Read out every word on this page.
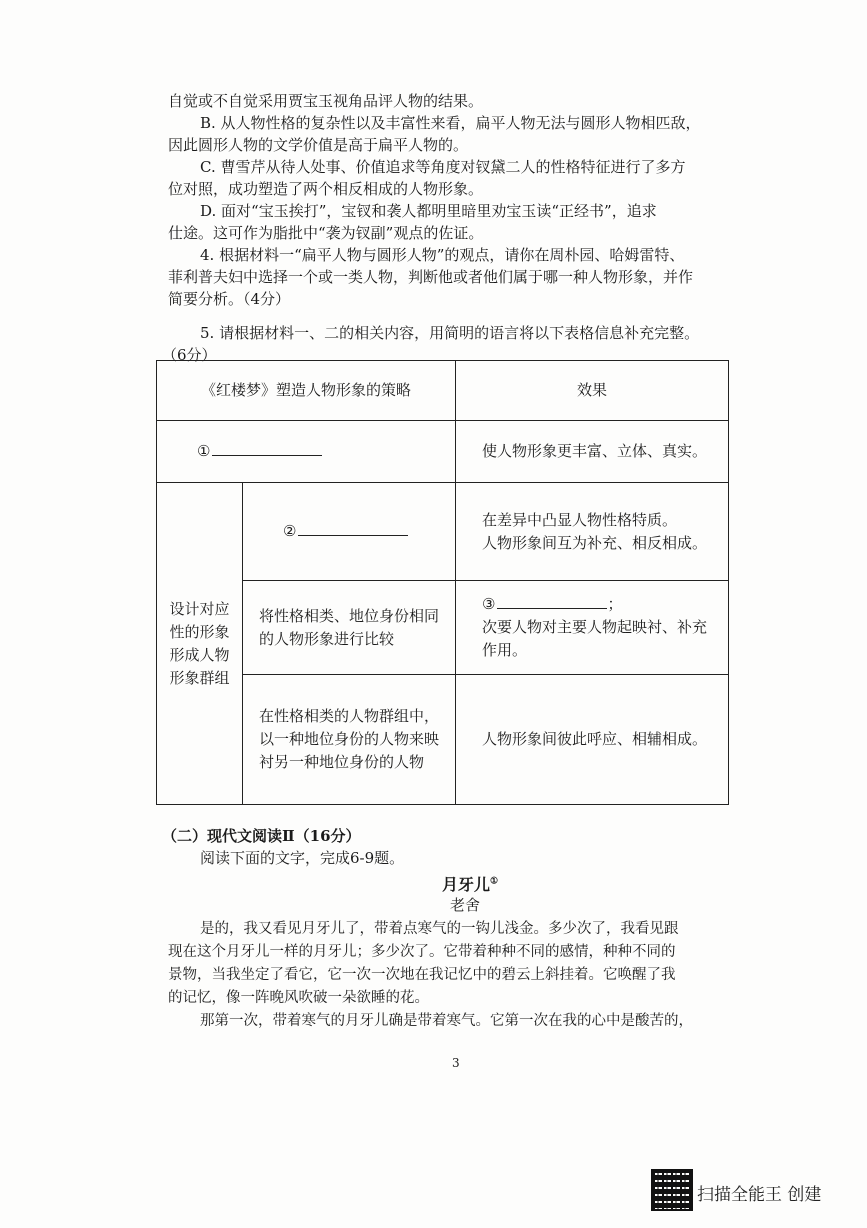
自觉或不自觉采用贾宝玉视角品评人物的结果。
B. 从人物性格的复杂性以及丰富性来看，扁平人物无法与圆形人物相匹敌，
因此圆形人物的文学价值是高于扁平人物的。
C. 曹雪芹从待人处事、价值追求等角度对钗黛二人的性格特征进行了多方
位对照，成功塑造了两个相反相成的人物形象。
D. 面对“宝玉挨打”，宝钗和袭人都明里暗里劝宝玉读“正经书”，追求
仕途。这可作为脂批中“袭为钗副”观点的佐证。
4. 根据材料一“扁平人物与圆形人物”的观点，请你在周朴园、哈姆雷特、
菲利普夫妇中选择一个或一类人物，判断他或者他们属于哪一种人物形象，并作
简要分析。（4分）
5. 请根据材料一、二的相关内容，用简明的语言将以下表格信息补充完整。
（6分）
《红楼梦》塑造人物形象的策略		效果
①		使人物形象更丰富、立体、真实。

设计对应性的形象形成人物形象群组	②	在差异中凸显人物性格特质。
人物形象间互为补充、相反相成。

	将性格相类、地位身份相同的人物形象进行比较	③ ；
次要人物对主要人物起映衬、补充作用。

	在性格相类的人物群组中，以一种地位身份的人物来映衬另一种地位身份的人物	人物形象间彼此呼应、相辅相成。
（二）现代文阅读Ⅱ（16分）
阅读下面的文字，完成6-9题。
月牙儿①
老舍
是的，我又看见月牙儿了，带着点寒气的一钩儿浅金。多少次了，我看见跟
现在这个月牙儿一样的月牙儿；多少次了。它带着种种不同的感情，种种不同的
景物，当我坐定了看它，它一次一次地在我记忆中的碧云上斜挂着。它唤醒了我
的记忆，像一阵晚风吹破一朵欲睡的花。
那第一次，带着寒气的月牙儿确是带着寒气。它第一次在我的心中是酸苦的，
3
扫描全能王 创建
